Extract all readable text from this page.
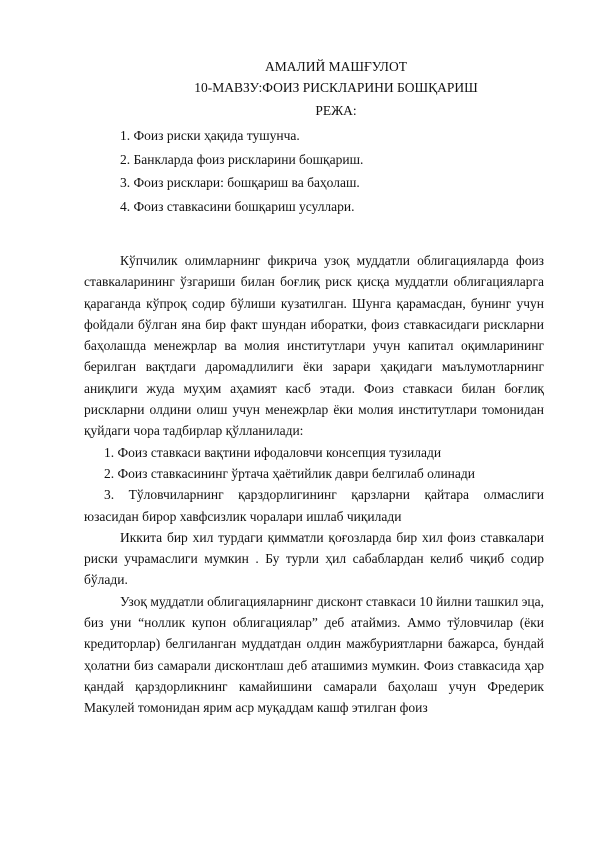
АМАЛИЙ МАШҒУЛОТ
10-МАВЗУ:ФОИЗ РИСКЛАРИНИ БОШҚАРИШ
РЕЖА:
1. Фоиз риски ҳақида тушунча.
2. Банкларда фоиз рискларини бошқариш.
3. Фоиз рисклари: бошқариш ва баҳолаш.
4. Фоиз ставкасини бошқариш усуллари.

Кўпчилик олимларнинг фикрича узоқ муддатли облигацияларда фоиз ставкаларининг ўзгариши билан боғлиқ риск қисқа муддатли облигацияларга қараганда кўпроқ содир бўлиши кузатилган. Шунга қарамасдан, бунинг учун фойдали бўлган яна бир факт шундан иборатки, фоиз ставкасидаги рискларни баҳолашда менежрлар ва молия институтлари учун капитал оқимларининг берилган вақтдаги даромадлилиги ёки зарари ҳақидаги маълумотларнинг аниқлиги жуда муҳим аҳамият касб этади. Фоиз ставкаси билан боғлиқ рискларни олдини олиш учун менежрлар ёки молия институтлари томонидан қуйдаги чора тадбирлар қўлланилади:

1. Фоиз ставкаси вақтини ифодаловчи консепция тузилади

2. Фоиз ставкасининг ўртача ҳаётийлик даври белгилаб олинади

3. Тўловчиларнинг қарздорлигининг қарзларни қайтара олмаслиги юзасидан бирор хавфсизлик чоралари ишлаб чиқилади

Иккита бир хил турдаги қимматли қоғозларда бир хил фоиз ставкалари риски учрамаслиги мумкин . Бу турли ҳил сабаблардан келиб чиқиб содир бўлади.

Узоқ муддатли облигацияларнинг дисконт ставкаси 10 йилни ташкил эца, биз уни “ноллик купон облигациялар” деб атаймиз. Аммо тўловчилар (ёки кредиторлар) белгиланган муддатдан олдин мажбуриятларни бажарса, бундай ҳолатни биз самарали дисконтлаш деб аташимиз мумкин. Фоиз ставкасида ҳар қандай қарздорликнинг камайишини самарали баҳолаш учун Фредерик Макулей томонидан ярим аср муқаддам кашф этилган фоиз
